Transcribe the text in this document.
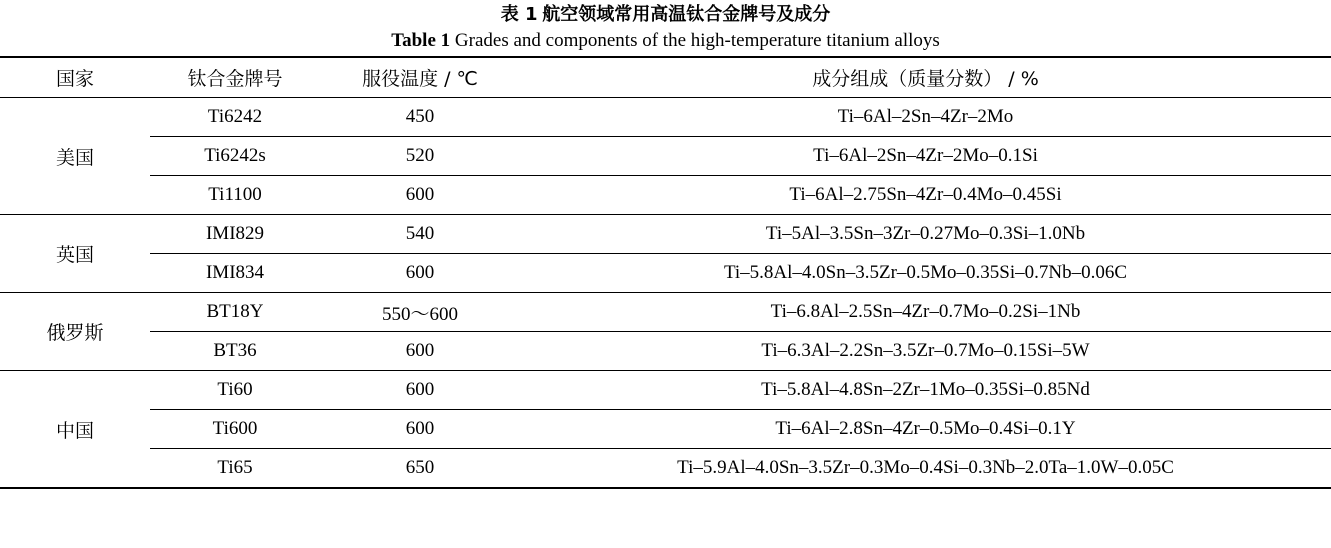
表 1 航空领域常用高温钛合金牌号及成分
Table 1 Grades and components of the high-temperature titanium alloys
国家	钛合金牌号	服役温度 / ℃	成分组成（质量分数） / %
美国	Ti6242	450	Ti–6Al–2Sn–4Zr–2Mo
	Ti6242s	520	Ti–6Al–2Sn–4Zr–2Mo–0.1Si
	Ti1100	600	Ti–6Al–2.75Sn–4Zr–0.4Mo–0.45Si
英国	IMI829	540	Ti–5Al–3.5Sn–3Zr–0.27Mo–0.3Si–1.0Nb
	IMI834	600	Ti–5.8Al–4.0Sn–3.5Zr–0.5Mo–0.35Si–0.7Nb–0.06C
俄罗斯	BT18Y	550～600	Ti–6.8Al–2.5Sn–4Zr–0.7Mo–0.2Si–1Nb
	BT36	600	Ti–6.3Al–2.2Sn–3.5Zr–0.7Mo–0.15Si–5W
中国	Ti60	600	Ti–5.8Al–4.8Sn–2Zr–1Mo–0.35Si–0.85Nd
	Ti600	600	Ti–6Al–2.8Sn–4Zr–0.5Mo–0.4Si–0.1Y
	Ti65	650	Ti–5.9Al–4.0Sn–3.5Zr–0.3Mo–0.4Si–0.3Nb–2.0Ta–1.0W–0.05C
